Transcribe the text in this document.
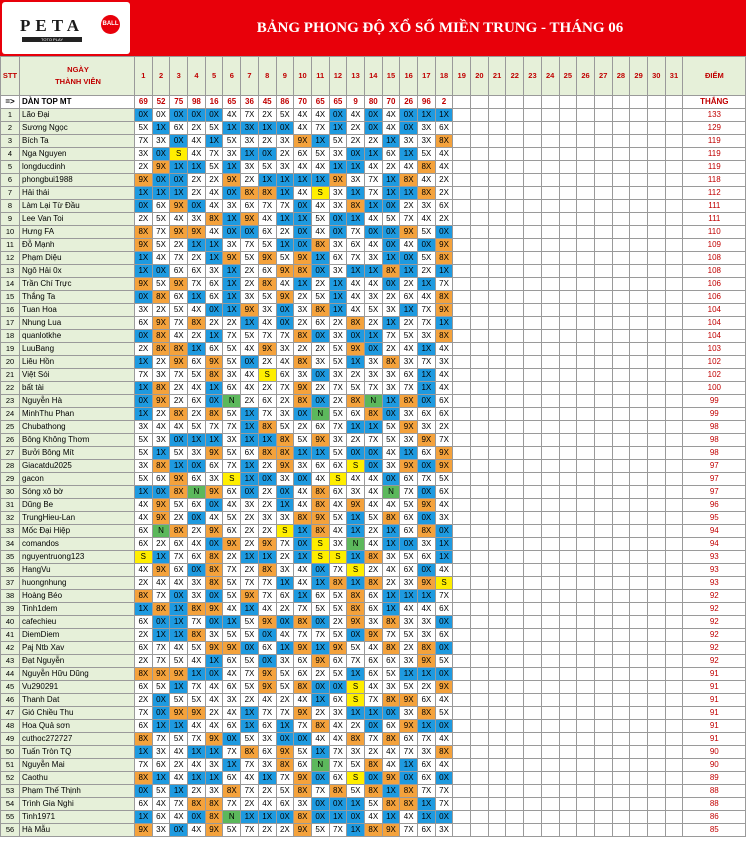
PETA	BALL
TOTO PLAY
BẢNG PHONG ĐỘ XỔ SỐ MIỀN TRUNG - THÁNG 06
STT	NGÀY
THÀNH VIÊN	1	2	3	4	5	6	7	8	9	10	11	12	13	14	15	16	17	18	19	20	21	22	23	24	25	26	27	28	29	30	31	ĐIỂM
=>	DÀN TOP MT	69	52	75	98	16	65	36	45	86	70	65	65	9	80	70	26	96	2														THẮNG
1	Lão Đại	0X	0X	0X	0X	0X	4X	7X	2X	5X	4X	4X	0X	4X	0X	4X	0X	1X	1X														133
2	Sương Ngọc	5X	1X	6X	2X	5X	1X	3X	1X	0X	4X	7X	1X	2X	0X	4X	0X	3X	6X														129
3	Bích Ta	7X	3X	0X	4X	1X	5X	3X	2X	3X	9X	1X	5X	2X	2X	1X	3X	3X	8X														119
4	Nga Nguyen	3X	0X	S	4X	7X	3X	1X	0X	2X	6X	5X	3X	0X	1X	6X	1X	5X	4X														119
5	longducdinh	2X	9X	1X	1X	5X	1X	3X	5X	3X	4X	4X	1X	1X	4X	2X	4X	8X	4X														119
6	phongbui1988	9X	0X	0X	2X	2X	9X	2X	1X	1X	1X	1X	9X	3X	7X	1X	8X	4X	2X														118
7	Hải thái	1X	1X	1X	2X	4X	0X	8X	8X	1X	4X	S	3X	1X	7X	1X	1X	8X	2X														112
8	Làm Lại Từ Đầu	0X	6X	9X	0X	4X	3X	6X	7X	7X	0X	4X	3X	8X	1X	0X	2X	3X	6X														111
9	Lee Van Toi	2X	5X	4X	3X	8X	1X	9X	4X	1X	1X	5X	0X	1X	4X	5X	7X	4X	2X														111
10	Hưng FA	8X	7X	9X	9X	4X	0X	0X	6X	2X	0X	4X	0X	7X	0X	0X	9X	5X	0X														110
11	Đỗ Mạnh	9X	5X	2X	1X	1X	3X	7X	5X	1X	0X	8X	3X	6X	4X	0X	4X	0X	9X														109
12	Phạm Diệu	1X	4X	7X	2X	1X	9X	5X	9X	5X	9X	1X	6X	7X	3X	1X	0X	5X	8X														108
13	Ngô Hải 0x	1X	0X	6X	6X	3X	1X	2X	6X	9X	8X	0X	3X	1X	1X	8X	1X	2X	1X														108
14	Trần Chí Trực	9X	5X	9X	7X	6X	1X	2X	8X	4X	1X	2X	1X	4X	4X	0X	2X	1X	7X														106
15	Thắng Ta	0X	8X	6X	1X	6X	1X	3X	5X	9X	2X	5X	1X	4X	3X	2X	6X	4X	8X														106
16	Tuan Hoa	3X	2X	5X	4X	0X	1X	9X	3X	0X	3X	8X	1X	4X	5X	3X	1X	7X	9X														104
17	Nhung Lua	6X	9X	7X	8X	2X	2X	1X	4X	0X	2X	6X	2X	8X	2X	1X	2X	7X	1X														104
18	quanlotkhe	0X	8X	4X	2X	1X	7X	5X	7X	7X	8X	0X	3X	0X	1X	7X	5X	3X	8X														104
19	LuuBang	2X	8X	8X	1X	6X	5X	4X	9X	3X	2X	2X	5X	9X	0X	2X	4X	1X	4X														103
20	Liêu Hồn	1X	2X	9X	6X	9X	5X	0X	2X	4X	8X	3X	5X	1X	3X	8X	3X	7X	3X														102
21	Việt Sói	7X	3X	7X	5X	8X	3X	4X	S	6X	3X	0X	3X	2X	3X	3X	6X	1X	4X														102
22	bất tài	1X	8X	2X	4X	1X	6X	4X	2X	7X	9X	2X	7X	5X	7X	3X	7X	1X	4X														100
23	Nguyễn Hà	0X	9X	2X	6X	0X	N	2X	6X	2X	8X	0X	2X	8X	N	1X	8X	0X	6X														99
24	MinhThu Phan	1X	2X	8X	2X	8X	5X	1X	7X	3X	0X	N	5X	6X	8X	0X	3X	6X	6X														99
25	Chubathong	3X	4X	4X	5X	7X	7X	1X	8X	5X	2X	6X	7X	1X	1X	5X	9X	3X	2X														98
26	Bông Không Thơm	5X	3X	0X	1X	1X	3X	1X	1X	8X	5X	9X	3X	2X	7X	5X	3X	9X	7X														98
27	Bưởi Bông Mít	5X	1X	5X	3X	9X	5X	6X	8X	8X	1X	1X	5X	0X	0X	4X	1X	6X	9X														98
28	Giacatdu2025	3X	8X	1X	0X	6X	7X	1X	2X	9X	3X	6X	6X	S	0X	3X	9X	0X	9X														97
29	gacon	5X	6X	9X	6X	3X	S	1X	0X	3X	0X	4X	S	4X	4X	0X	6X	7X	5X														97
30	Sóng xô bờ	1X	0X	8X	N	9X	6X	0X	2X	0X	4X	8X	6X	3X	4X	N	7X	0X	6X														97
31	Dũng Be	4X	9X	5X	6X	0X	4X	3X	2X	1X	4X	8X	4X	9X	4X	4X	5X	9X	4X														96
32	TrungHieu-Lan	4X	9X	2X	0X	4X	5X	2X	3X	3X	8X	9X	5X	1X	5X	8X	6X	0X	3X														95
33	Mốc Đại Hiệp	6X	N	8X	2X	9X	6X	2X	2X	S	1X	8X	4X	1X	2X	1X	6X	8X	0X														94
34	comandos	6X	2X	6X	4X	0X	9X	2X	9X	7X	0X	S	3X	N	4X	1X	0X	3X	1X														94
35	nguyentruong123	S	1X	7X	6X	8X	2X	1X	1X	2X	1X	S	S	1X	8X	3X	5X	6X	1X														93
36	HangVu	4X	9X	6X	0X	8X	7X	2X	8X	3X	4X	0X	7X	S	2X	4X	6X	0X	4X														93
37	huongnhung	2X	4X	4X	3X	8X	5X	7X	7X	1X	4X	1X	8X	1X	8X	2X	3X	9X	S														93
38	Hoàng Béo	8X	7X	0X	3X	0X	5X	9X	7X	6X	1X	6X	5X	8X	6X	1X	1X	1X	7X														92
39	Tinh1dem	1X	8X	1X	8X	9X	4X	1X	4X	2X	7X	5X	5X	8X	6X	1X	4X	4X	6X														92
40	cafechieu	6X	0X	1X	7X	0X	1X	5X	9X	0X	8X	0X	2X	9X	3X	8X	3X	3X	0X														92
41	DiemDiem	2X	1X	1X	8X	3X	5X	5X	0X	4X	7X	7X	5X	0X	9X	7X	5X	3X	6X														92
42	Paj Ntb Xav	6X	7X	4X	5X	9X	9X	0X	6X	1X	9X	1X	9X	5X	4X	8X	2X	8X	0X														92
43	Đạt Nguyễn	2X	7X	5X	4X	1X	6X	5X	0X	3X	6X	9X	6X	7X	6X	6X	3X	9X	5X														92
44	Nguyễn Hữu Dũng	8X	9X	9X	1X	0X	4X	7X	9X	5X	6X	2X	5X	1X	6X	5X	1X	1X	0X														91
45	Vu290291	6X	5X	1X	7X	4X	6X	5X	9X	5X	8X	0X	0X	S	4X	3X	5X	2X	9X														91
46	Thanh Dat	2X	0X	5X	5X	4X	3X	2X	4X	2X	4X	1X	6X	S	7X	8X	9X	6X	4X														91
47	Gió Chiều Thu	7X	0X	9X	9X	2X	4X	1X	7X	7X	9X	2X	3X	1X	1X	0X	3X	8X	5X														91
48	Hoa Quả sơn	6X	1X	1X	4X	4X	6X	1X	6X	1X	7X	8X	4X	2X	0X	6X	9X	1X	0X														91
49	cuthoc272727	8X	7X	5X	7X	9X	0X	5X	3X	0X	0X	4X	4X	8X	7X	8X	6X	7X	4X														91
50	Tuấn Tròn TQ	1X	3X	4X	1X	1X	7X	8X	6X	9X	5X	1X	7X	3X	2X	4X	7X	3X	8X														90
51	Nguyễn Mai	7X	6X	2X	4X	3X	1X	7X	3X	8X	6X	N	7X	5X	8X	4X	1X	6X	4X														90
52	Caothu	8X	1X	4X	1X	1X	6X	4X	1X	7X	9X	0X	6X	S	0X	9X	0X	6X	0X														89
53	Phạm Thế Thịnh	0X	5X	1X	2X	3X	8X	7X	2X	5X	8X	7X	8X	5X	8X	1X	8X	7X	7X														88
54	Trình Gia Nghi	6X	4X	7X	8X	8X	7X	2X	4X	6X	3X	0X	0X	1X	5X	8X	8X	1X	7X														88
55	Tinh1971	1X	6X	4X	0X	8X	N	1X	1X	0X	8X	0X	1X	0X	4X	1X	4X	1X	0X														86
56	Hà Mẫu	9X	3X	0X	4X	9X	5X	7X	2X	2X	9X	5X	7X	1X	8X	9X	7X	6X	3X														85
